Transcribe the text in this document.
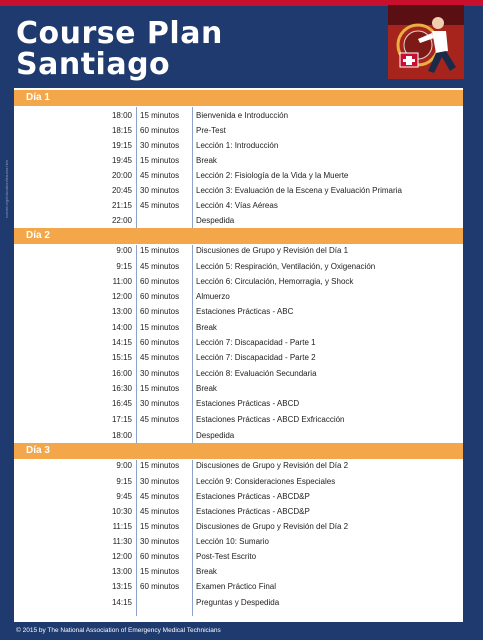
Course Plan
Santiago
naemt.org/education/trauma.htm
Día 1
18:00 15 minutos	Bienvenida e Introducción
18:15 60 minutos	Pre-Test
19:15 30 minutos	Lección 1: Introducción
19:45 15 minutos	Break
20:00 45 minutos	Lección 2: Fisiología de la Vida y la Muerte
20:45 30 minutos	Lección 3: Evaluación de la Escena y Evaluación Primaria
21:15 45 minutos	Lección 4: Vías Aéreas
22:00	Despedida
Día 2
9:00 15 minutos	Discusiones de Grupo y Revisión del Día 1
9:15 45 minutos	Lección 5: Respiración, Ventilación, y Oxigenación
11:00 60 minutos	Lección 6: Circulación, Hemorragia, y Shock
12:00 60 minutos	Almuerzo
13:00 60 minutos	Estaciones Prácticas - ABC
14:00 15 minutos	Break
14:15 60 minutos	Lección 7: Discapacidad - Parte 1
15:15 45 minutos	Lección 7: Discapacidad - Parte 2
16:00 30 minutos	Lección 8: Evaluación Secundaria
16:30 15 minutos	Break
16:45 30 minutos	Estaciones Prácticas - ABCD
17:15 45 minutos	Estaciones Prácticas - ABCD Exfricacción
18:00	Despedida
Día 3
9:00 15 minutos	Discusiones de Grupo y Revisión del Día 2
9:15 30 minutos	Lección 9: Consideraciones Especiales
9:45 45 minutos	Estaciones Prácticas - ABCD&P
10:30 45 minutos	Estaciones Prácticas - ABCD&P
11:15 15 minutos	Discusiones de Grupo y Revisión del Día 2
11:30 30 minutos	Lección 10: Sumario
12:00 60 minutos	Post-Test Escrito
13:00 15 minutos	Break
13:15 60 minutos	Examen Práctico Final
14:15	Preguntas y Despedida
© 2015 by The National Association of Emergency Medical Technicians
